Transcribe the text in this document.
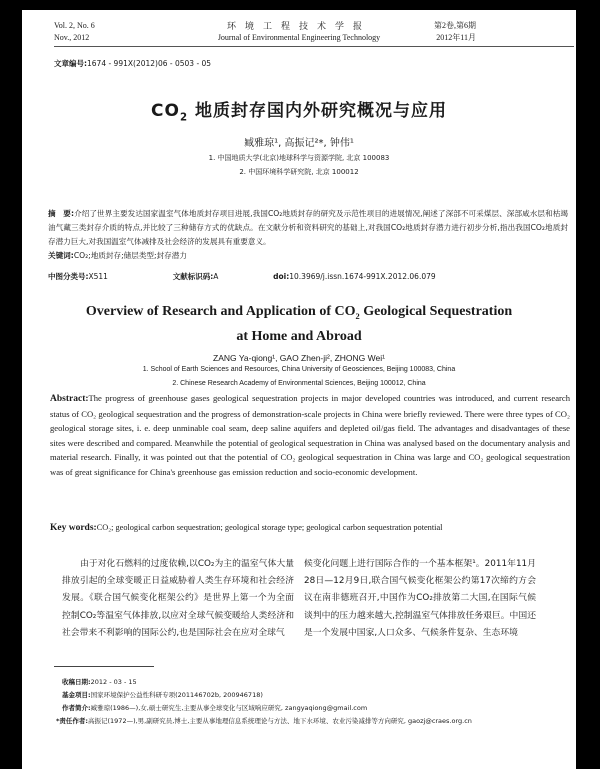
Vol. 2, No. 6
Nov., 2012
环境工程技术学报
Journal of Environmental Engineering Technology
第2卷,第6期
2012年11月
文章编号:1674 - 991X(2012)06 - 0503 - 05
$CO_2$ 地质封存国内外研究概况与应用
臧雅琼¹, 高振记²*, 钟伟¹
1. 中国地质大学(北京)地球科学与资源学院, 北京 100083
2. 中国环境科学研究院, 北京 100012
摘　要:介绍了世界主要发达国家温室气体地质封存项目进展,我国CO₂地质封存的研究及示范性项目的进展情况,阐述了深部不可采煤层、深部咸水层和枯竭油气藏三类封存介质的特点,并比较了三种储存方式的优缺点。在文献分析和资料研究的基础上,对我国CO₂地质封存潜力进行初步分析,指出我国CO₂地质封存潜力巨大,对我国温室气体减排及社会经济的发展具有重要意义。
关键词:CO₂;地质封存;储层类型;封存潜力
中图分类号:X511	文献标识码:A	doi:10.3969/j.issn.1674-991X.2012.06.079
Overview of Research and Application of $CO_2$ Geological Sequestration
at Home and Abroad
ZANG Ya-qiong¹, GAO Zhen-ji², ZHONG Wei¹
1. School of Earth Sciences and Resources, China University of Geosciences, Beijing 100083, China
2. Chinese Research Academy of Environmental Sciences, Beijing 100012, China
Abstract:The progress of greenhouse gases geological sequestration projects in major developed countries was introduced, and current research status of CO₂ geological sequestration and the progress of demonstration-scale projects in China were briefly reviewed. There were three types of CO₂ geological storage sites, i. e. deep unminable coal seam, deep saline aquifers and depleted oil/gas field. The advantages and disadvantages of these sites were described and compared. Meanwhile the potential of geological sequestration in China was analysed based on the documentary analysis and material research. Finally, it was pointed out that the potential of CO₂ geological sequestration in China was large and CO₂ geological sequestration was of great significance for China's greenhouse gas emission reduction and socio-economic development.
Key words:CO₂; geological carbon sequestration; geological storage type; geological carbon sequestration potential
由于对化石燃料的过度依赖,以CO₂为主的温室气体大量排放引起的全球变暖正日益威胁着人类生存环境和社会经济发展。《联合国气候变化框架公约》是世界上第一个为全面控制CO₂等温室气体排放,以应对全球气候变暖给人类经济和社会带来不利影响的国际公约,也是国际社会在应对全球气
候变化问题上进行国际合作的一个基本框架¹。2011年11月28日—12月9日,联合国气候变化框架公约第17次缔约方会议在南非德班召开,中国作为CO₂排放第二大国,在国际气候谈判中的压力越来越大,控制温室气体排放任务艰巨。中国还是一个发展中国家,人口众多、气候条件复杂、生态环境
收稿日期:2012 - 03 - 15
基金项目:国家环境保护公益性科研专项(201146702b, 200946718)
作者简介:臧雅琼(1986—),女,硕士研究生,主要从事全球变化与区域响应研究, zangyaqiong@gmail.com
*责任作者:高振记(1972—),男,副研究员,博士,主要从事地理信息系统理论与方法、地下水环境、农业污染减排等方向研究, gaozj@craes.org.cn
